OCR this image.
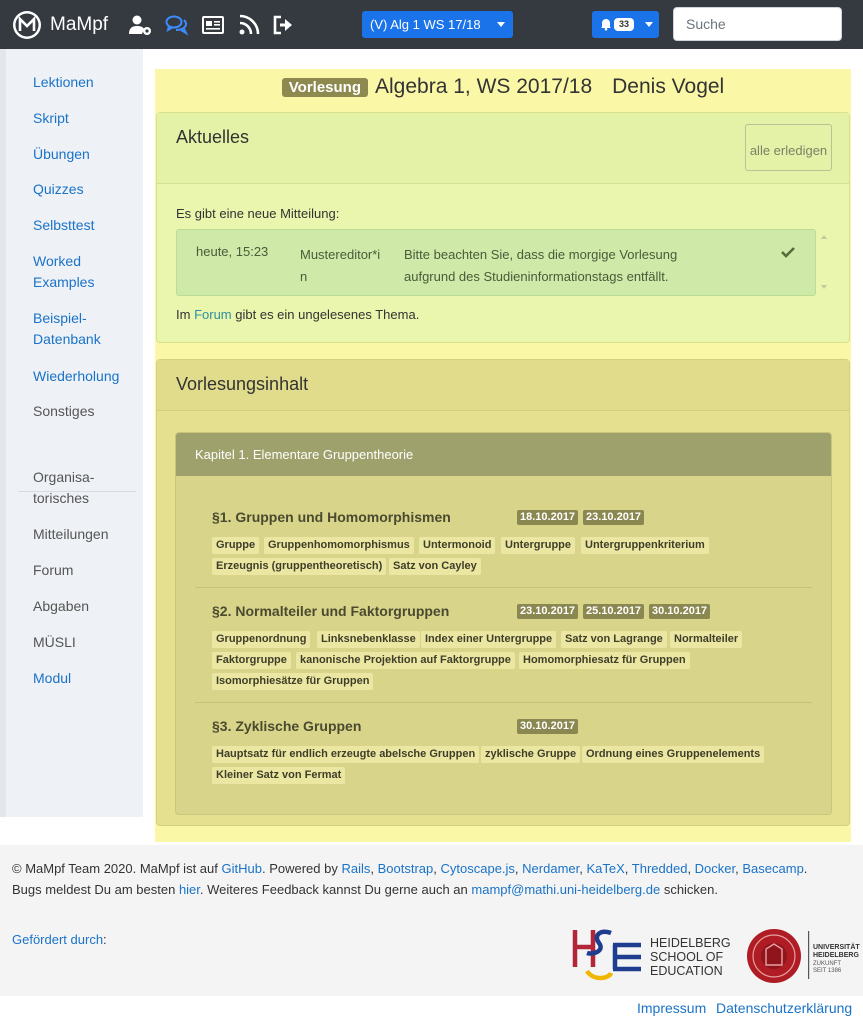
MaMpf	(V) Alg 1 WS 17/18	33
Suche
Lektionen
Skript
Übungen
Quizzes
Selbsttest
Worked Examples
Beispiel-Datenbank
Wiederholung
Sonstiges
Organisa-torisches
Mitteilungen
Forum
Abgaben
MÜSLI
Modul
Vorlesung Algebra 1, WS 2017/18 Denis Vogel
Aktuelles
alle erledigen
Es gibt eine neue Mitteilung:
heute, 15:23 Mustereditor*in
Bitte beachten Sie, dass die morgige Vorlesung aufgrund des Studieninformationstags entfällt.
Im Forum gibt es ein ungelesenes Thema.
Vorlesungsinhalt
Kapitel 1. Elementare Gruppentheorie
§1. Gruppen und Homomorphismen	18.10.2017 23.10.2017
Gruppe	Gruppenhomomorphismus	Untermonoid	Untergruppe	Untergruppenkriterium
Erzeugnis (gruppentheoretisch) Satz von Cayley
§2. Normalteiler und Faktorgruppen	23.10.2017 25.10.2017 30.10.2017
Gruppenordnung	Linksnebenklasse Index einer Untergruppe	Satz von Lagrange	Normalteiler
Faktorgruppe	kanonische Projektion auf Faktorgruppe	Homomorphiesatz für Gruppen
Isomorphiesätze für Gruppen
§3. Zyklische Gruppen	30.10.2017
Hauptsatz für endlich erzeugte abelsche Gruppen zyklische Gruppe Ordnung eines Gruppenelements
Kleiner Satz von Fermat
© MaMpf Team 2020. MaMpf ist auf GitHub. Powered by Rails, Bootstrap, Cytoscape.js, Nerdamer, KaTeX, Thredded, Docker, Basecamp.
Bugs meldest Du am besten hier. Weiteres Feedback kannst Du gerne auch an mampf@mathi.uni-heidelberg.de schicken.
Gefördert durch:	HEIDELBERG
SCHOOL OF
EDUCATION
UNIVERSITÄT
HEIDELBERG
ZUKUNFT
SEIT 1386
Impressum Datenschutzerklärung
